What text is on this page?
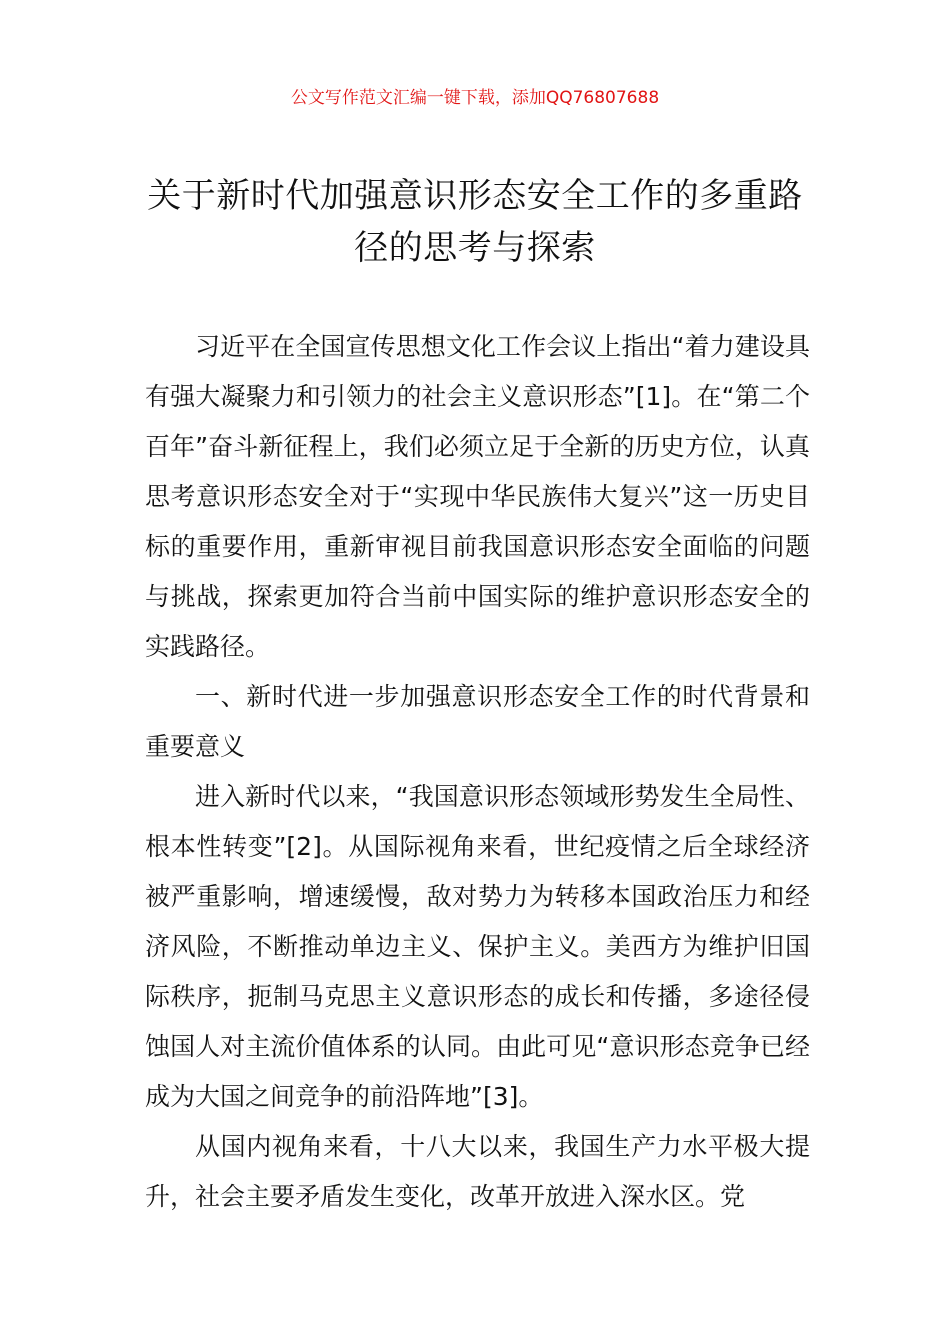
公文写作范文汇编一键下载，添加QQ76807688
关于新时代加强意识形态安全工作的多重路径的思考与探索

习近平在全国宣传思想文化工作会议上指出“着力建设具有强大凝聚力和引领力的社会主义意识形态”[1]。在“第二个百年”奋斗新征程上，我们必须立足于全新的历史方位，认真思考意识形态安全对于“实现中华民族伟大复兴”这一历史目标的重要作用，重新审视目前我国意识形态安全面临的问题与挑战，探索更加符合当前中国实际的维护意识形态安全的实践路径。

一、新时代进一步加强意识形态安全工作的时代背景和重要意义

进入新时代以来，“我国意识形态领域形势发生全局性、根本性转变”[2]。从国际视角来看，世纪疫情之后全球经济被严重影响，增速缓慢，敌对势力为转移本国政治压力和经济风险，不断推动单边主义、保护主义。美西方为维护旧国际秩序，扼制马克思主义意识形态的成长和传播，多途径侵蚀国人对主流价值体系的认同。由此可见“意识形态竞争已经成为大国之间竞争的前沿阵地”[3]。

从国内视角来看，十八大以来，我国生产力水平极大提升，社会主要矛盾发生变化，改革开放进入深水区。党
